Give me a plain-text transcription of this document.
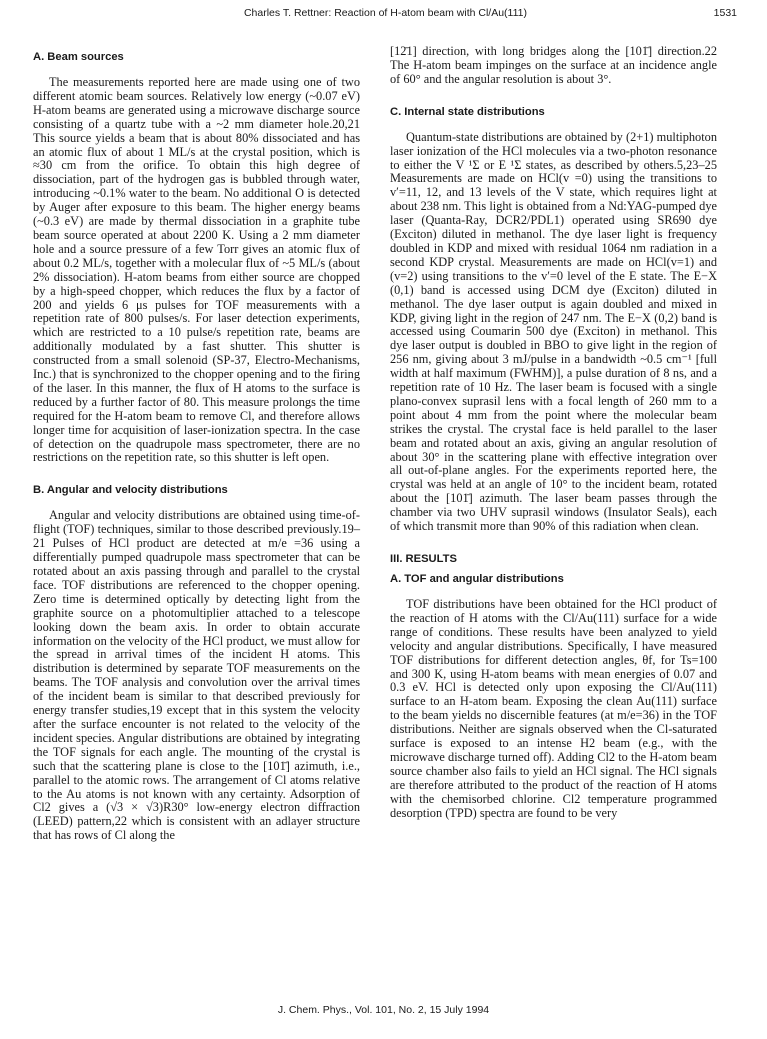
Charles T. Rettner: Reaction of H-atom beam with Cl/Au(111)	1531
A. Beam sources

The measurements reported here are made using one of two different atomic beam sources. Relatively low energy (~0.07 eV) H-atom beams are generated using a microwave discharge source consisting of a quartz tube with a ~2 mm diameter hole.20,21 This source yields a beam that is about 80% dissociated and has an atomic flux of about 1 ML/s at the crystal position, which is ≈30 cm from the orifice. To obtain this high degree of dissociation, part of the hydrogen gas is bubbled through water, introducing ~0.1% water to the beam. No additional O is detected by Auger after exposure to this beam. The higher energy beams (~0.3 eV) are made by thermal dissociation in a graphite tube beam source operated at about 2200 K. Using a 2 mm diameter hole and a source pressure of a few Torr gives an atomic flux of about 0.2 ML/s, together with a molecular flux of ~5 ML/s (about 2% dissociation). H-atom beams from either source are chopped by a high-speed chopper, which reduces the flux by a factor of 200 and yields 6 μs pulses for TOF measurements with a repetition rate of 800 pulses/s. For laser detection experiments, which are restricted to a 10 pulse/s repetition rate, beams are additionally modulated by a fast shutter. This shutter is constructed from a small solenoid (SP-37, Electro-Mechanisms, Inc.) that is synchronized to the chopper opening and to the firing of the laser. In this manner, the flux of H atoms to the surface is reduced by a further factor of 80. This measure prolongs the time required for the H-atom beam to remove Cl, and therefore allows longer time for acquisition of laser-ionization spectra. In the case of detection on the quadrupole mass spectrometer, there are no restrictions on the repetition rate, so this shutter is left open.

B. Angular and velocity distributions

Angular and velocity distributions are obtained using time-of-flight (TOF) techniques, similar to those described previously.19–21 Pulses of HCl product are detected at m/e =36 using a differentially pumped quadrupole mass spectrometer that can be rotated about an axis passing through and parallel to the crystal face. TOF distributions are referenced to the chopper opening. Zero time is determined optically by detecting light from the graphite source on a photomultiplier attached to a telescope looking down the beam axis. In order to obtain accurate information on the velocity of the HCl product, we must allow for the spread in arrival times of the incident H atoms. This distribution is determined by separate TOF measurements on the beams. The TOF analysis and convolution over the arrival times of the incident beam is similar to that described previously for energy transfer studies,19 except that in this system the velocity after the surface encounter is not related to the velocity of the incident species. Angular distributions are obtained by integrating the TOF signals for each angle. The mounting of the crystal is such that the scattering plane is close to the [101̄] azimuth, i.e., parallel to the atomic rows. The arrangement of Cl atoms relative to the Au atoms is not known with any certainty. Adsorption of Cl2 gives a (√3 × √3)R30° low-energy electron diffraction (LEED) pattern,22 which is consistent with an adlayer structure that has rows of Cl along the

[12̄1] direction, with long bridges along the [101̄] direction.22 The H-atom beam impinges on the surface at an incidence angle of 60° and the angular resolution is about 3°.

C. Internal state distributions

Quantum-state distributions are obtained by (2+1) multiphoton laser ionization of the HCl molecules via a two-photon resonance to either the V ¹Σ or E ¹Σ states, as described by others.5,23–25 Measurements are made on HCl(v =0) using the transitions to v′=11, 12, and 13 levels of the V state, which requires light at about 238 nm. This light is obtained from a Nd:YAG-pumped dye laser (Quanta-Ray, DCR2/PDL1) operated using SR690 dye (Exciton) diluted in methanol. The dye laser light is frequency doubled in KDP and mixed with residual 1064 nm radiation in a second KDP crystal. Measurements are made on HCl(v=1) and (v=2) using transitions to the v′=0 level of the E state. The E−X (0,1) band is accessed using DCM dye (Exciton) diluted in methanol. The dye laser output is again doubled and mixed in KDP, giving light in the region of 247 nm. The E−X (0,2) band is accessed using Coumarin 500 dye (Exciton) in methanol. This dye laser output is doubled in BBO to give light in the region of 256 nm, giving about 3 mJ/pulse in a bandwidth ~0.5 cm⁻¹ [full width at half maximum (FWHM)], a pulse duration of 8 ns, and a repetition rate of 10 Hz. The laser beam is focused with a single plano-convex suprasil lens with a focal length of 260 mm to a point about 4 mm from the point where the molecular beam strikes the crystal. The crystal face is held parallel to the laser beam and rotated about an axis, giving an angular resolution of about 30° in the scattering plane with effective integration over all out-of-plane angles. For the experiments reported here, the crystal was held at an angle of 10° to the incident beam, rotated about the [101̄] azimuth. The laser beam passes through the chamber via two UHV suprasil windows (Insulator Seals), each of which transmit more than 90% of this radiation when clean.

III. RESULTS
A. TOF and angular distributions

TOF distributions have been obtained for the HCl product of the reaction of H atoms with the Cl/Au(111) surface for a wide range of conditions. These results have been analyzed to yield velocity and angular distributions. Specifically, I have measured TOF distributions for different detection angles, θf, for Ts=100 and 300 K, using H-atom beams with mean energies of 0.07 and 0.3 eV. HCl is detected only upon exposing the Cl/Au(111) surface to an H-atom beam. Exposing the clean Au(111) surface to the beam yields no discernible features (at m/e=36) in the TOF distributions. Neither are signals observed when the Cl-saturated surface is exposed to an intense H2 beam (e.g., with the microwave discharge turned off). Adding Cl2 to the H-atom beam source chamber also fails to yield an HCl signal. The HCl signals are therefore attributed to the product of the reaction of H atoms with the chemisorbed chlorine. Cl2 temperature programmed desorption (TPD) spectra are found to be very

J. Chem. Phys., Vol. 101, No. 2, 15 July 1994
